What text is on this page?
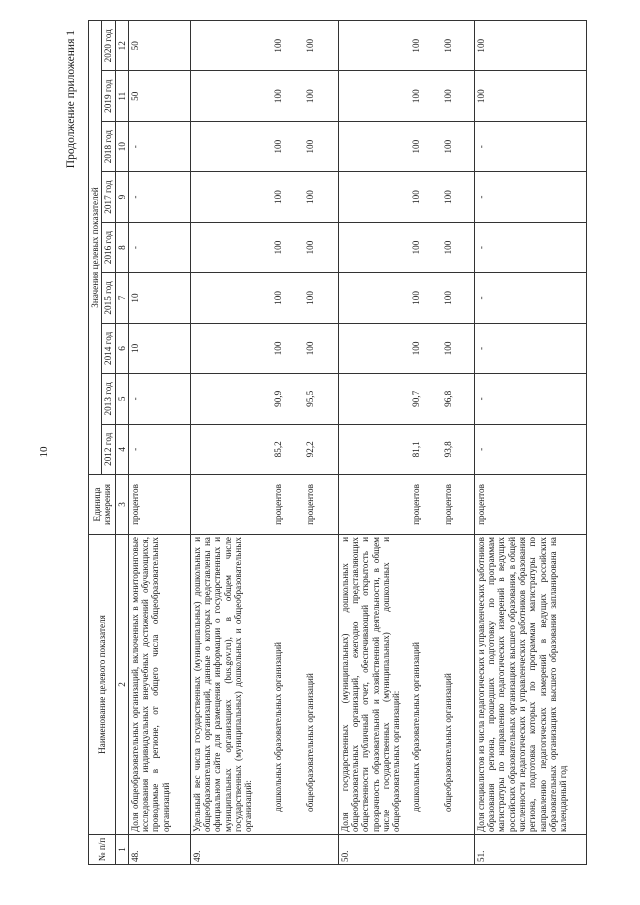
10
Продолжение приложения 1
№ п/п	Наименование целевого показателя	Единица измерения	Значения целевых показателей								
			2012 год	2013 год	2014 год	2015 год	2016 год	2017 год	2018 год	2019 год	2020 год
1	2	3	4	5	6	7	8	9	10	11	12
48.	Доля общеобразовательных организаций, включенных в мониторинговые исследования индивидуальных внеучебных достижений обучающихся, проводимые в регионе, от общего числа общеобразовательных организаций	процентов	-	-	10	10	-	-	-	50	50
49.	Удельный вес числа государственных (муниципальных) дошкольных и общеобразовательных организаций, данные о которых представлены на официальном сайте для размещения информации о государственных и муниципальных организациях (bus.gov.ru), в общем числе государственных (муниципальных) дошкольных и общеобразовательных организаций:										
	дошкольных образовательных организаций	процентов	85,2	90,9	100	100	100	100	100	100	100
	общеобразовательных организаций	процентов	92,2	95,5	100	100	100	100	100	100	100
50.	Доля государственных (муниципальных) дошкольных и общеобразовательных организаций, ежегодно представляющих общественности публичный отчет, обеспечивающий открытость и прозрачность образовательной и хозяйственной деятельности, в общем числе государственных (муниципальных) дошкольных и общеобразовательных организаций:										
	дошкольных образовательных организаций	процентов	81,1	90,7	100	100	100	100	100	100	100
	общеобразовательных организаций	процентов	93,8	96,8	100	100	100	100	100	100	100
51.	Доля специалистов из числа педагогических и управленческих работников образования региона, прошедших подготовку по программам магистратуры по направлению педагогических измерений в ведущих российских образовательных организациях высшего образования, в общей численности педагогических и управленческих работников образования региона, подготовка которых по программам магистратуры по направлению педагогических измерений в ведущих российских образовательных организациях высшего образования запланирована на календарный год	процентов	-	-	-	-	-	-	-	100	100
